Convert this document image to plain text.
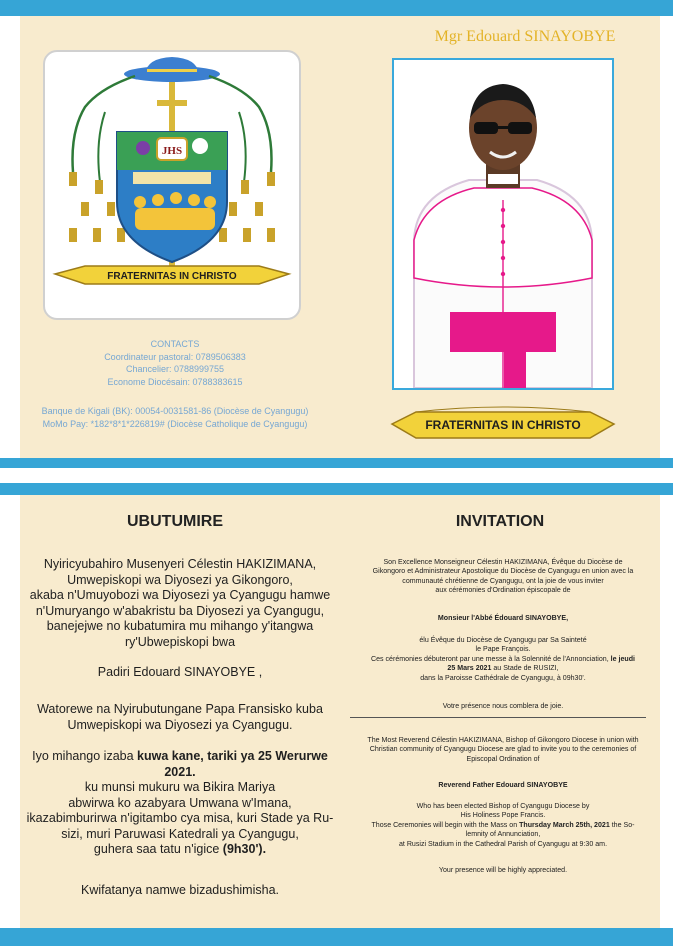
JHS
FRATERNITAS IN CHRISTO
CONTACTS
Coordinateur pastoral: 0789506383
Chancelier: 0788999755
Econome Diocésain: 0788383615
Banque de Kigali (BK): 00054-0031581-86 (Diocèse de Cyangugu)
MoMo Pay: *182*8*1*226819# (Diocèse Catholique de Cyangugu)
Mgr Edouard SINAYOBYE
FRATERNITAS IN CHRISTO
UBUTUMIRE	INVITATION
Nyiricyubahiro Musenyeri Célestin HAKIZIMANA,
Umwepiskopi wa Diyosezi ya Gikongoro,
akaba n'Umuyobozi wa Diyosezi ya Cyangugu hamwe
n'Umuryango w'abakristu ba Diyosezi ya Cyangugu,
banejejwe no kubatumira mu mihango y'itangwa
ry'Ubwepiskopi bwa
Padiri Edouard SINAYOBYE ,
Watorewe na Nyirubutungane Papa Fransisko kuba
Umwepiskopi wa Diyosezi ya Cyangugu.
Iyo mihango izaba kuwa kane, tariki ya 25 Werurwe 2021.
ku munsi mukuru wa Bikira Mariya
abwirwa ko azabyara Umwana w'Imana,
ikazabimburirwa n'igitambo cya misa, kuri Stade ya Ru-
sizi, muri Paruwasi Katedrali ya Cyangugu,
guhera saa tatu n'igice (9h30').
Kwifatanya namwe bizadushimisha.
Son Excellence Monseigneur Célestin HAKIZIMANA, Évêque du Diocèse de
Gikongoro et Administrateur Apostolique du Diocèse de Cyangugu en union avec la
communauté chrétienne de Cyangugu, ont la joie de vous inviter
aux cérémonies d'Ordination épiscopale de
Monsieur l'Abbé Édouard SINAYOBYE,
élu Évêque du Diocèse de Cyangugu par Sa Sainteté
le Pape François.
Ces cérémonies débuteront par une messe à la Solennité de l'Annonciation, le jeudi
25 Mars 2021 au Stade de RUSIZI,
dans la Paroisse Cathédrale de Cyangugu, à 09h30'.
Votre présence nous comblera de joie.
The Most Reverend Célestin HAKIZIMANA, Bishop of Gikongoro Diocese in union with
Christian community of Cyangugu Diocese are glad to invite you to the ceremonies of
Episcopal Ordination of
Reverend Father Edouard SINAYOBYE
Who has been elected Bishop of Cyangugu Diocese by
His Holiness Pope Francis.
Those Ceremonies will begin with the Mass on Thursday March 25th, 2021 the So-
lemnity of Annunciation,
at Rusizi Stadium in the Cathedral Parish of Cyangugu at 9:30 am.
Your presence will be highly appreciated.
